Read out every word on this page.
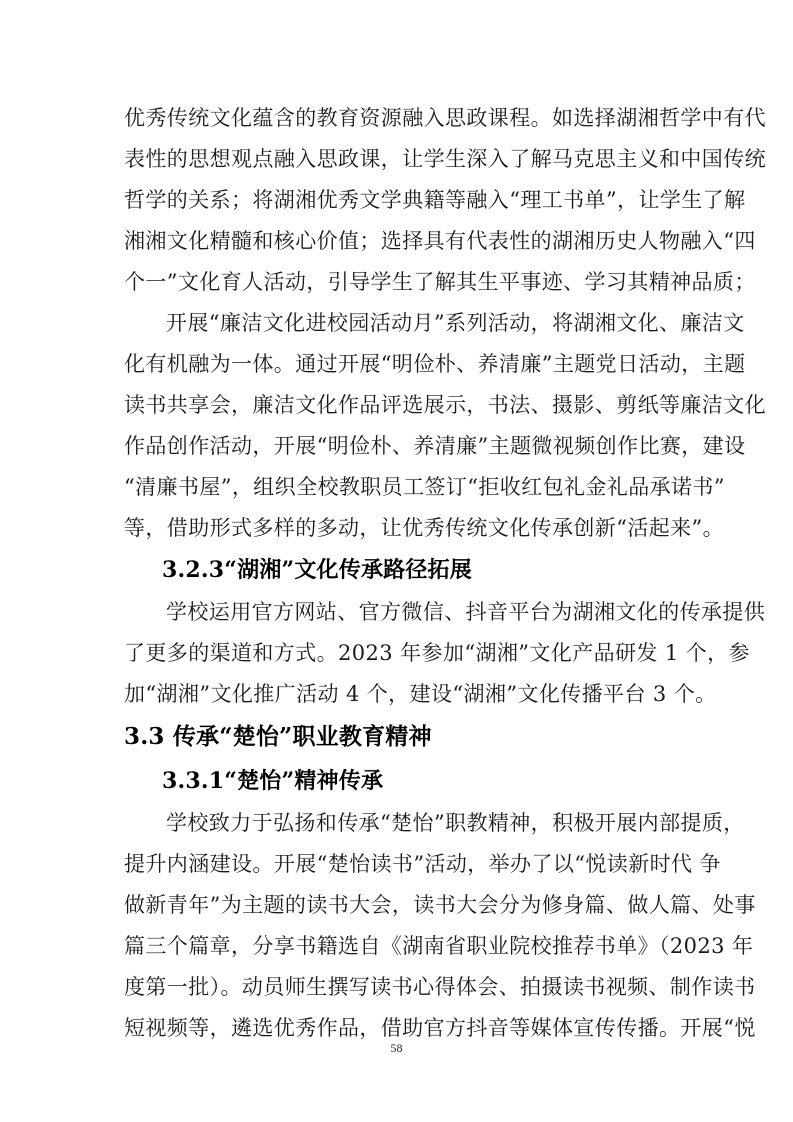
优秀传统文化蕴含的教育资源融入思政课程。如选择湖湘哲学中有代
表性的思想观点融入思政课，让学生深入了解马克思主义和中国传统
哲学的关系；将湖湘优秀文学典籍等融入“理工书单”，让学生了解
湘湘文化精髓和核心价值；选择具有代表性的湖湘历史人物融入“四
个一”文化育人活动，引导学生了解其生平事迹、学习其精神品质；
开展“廉洁文化进校园活动月”系列活动，将湖湘文化、廉洁文
化有机融为一体。通过开展“明俭朴、养清廉”主题党日活动，主题
读书共享会，廉洁文化作品评选展示，书法、摄影、剪纸等廉洁文化
作品创作活动，开展“明俭朴、养清廉”主题微视频创作比赛，建设
“清廉书屋”，组织全校教职员工签订“拒收红包礼金礼品承诺书”
等，借助形式多样的多动，让优秀传统文化传承创新“活起来”。
3.2.3“湖湘”文化传承路径拓展
学校运用官方网站、官方微信、抖音平台为湖湘文化的传承提供
了更多的渠道和方式。2023 年参加“湖湘”文化产品研发 1 个，参
加“湖湘”文化推广活动 4 个，建设“湖湘”文化传播平台 3 个。
3.3 传承“楚怡”职业教育精神
3.3.1“楚怡”精神传承
学校致力于弘扬和传承“楚怡”职教精神，积极开展内部提质，
提升内涵建设。开展“楚怡读书”活动，举办了以“悦读新时代 争
做新青年”为主题的读书大会，读书大会分为修身篇、做人篇、处事
篇三个篇章，分享书籍选自《湖南省职业院校推荐书单》（2023 年
度第一批）。动员师生撰写读书心得体会、拍摄读书视频、制作读书
短视频等，遴选优秀作品，借助官方抖音等媒体宣传传播。开展“悦
58
